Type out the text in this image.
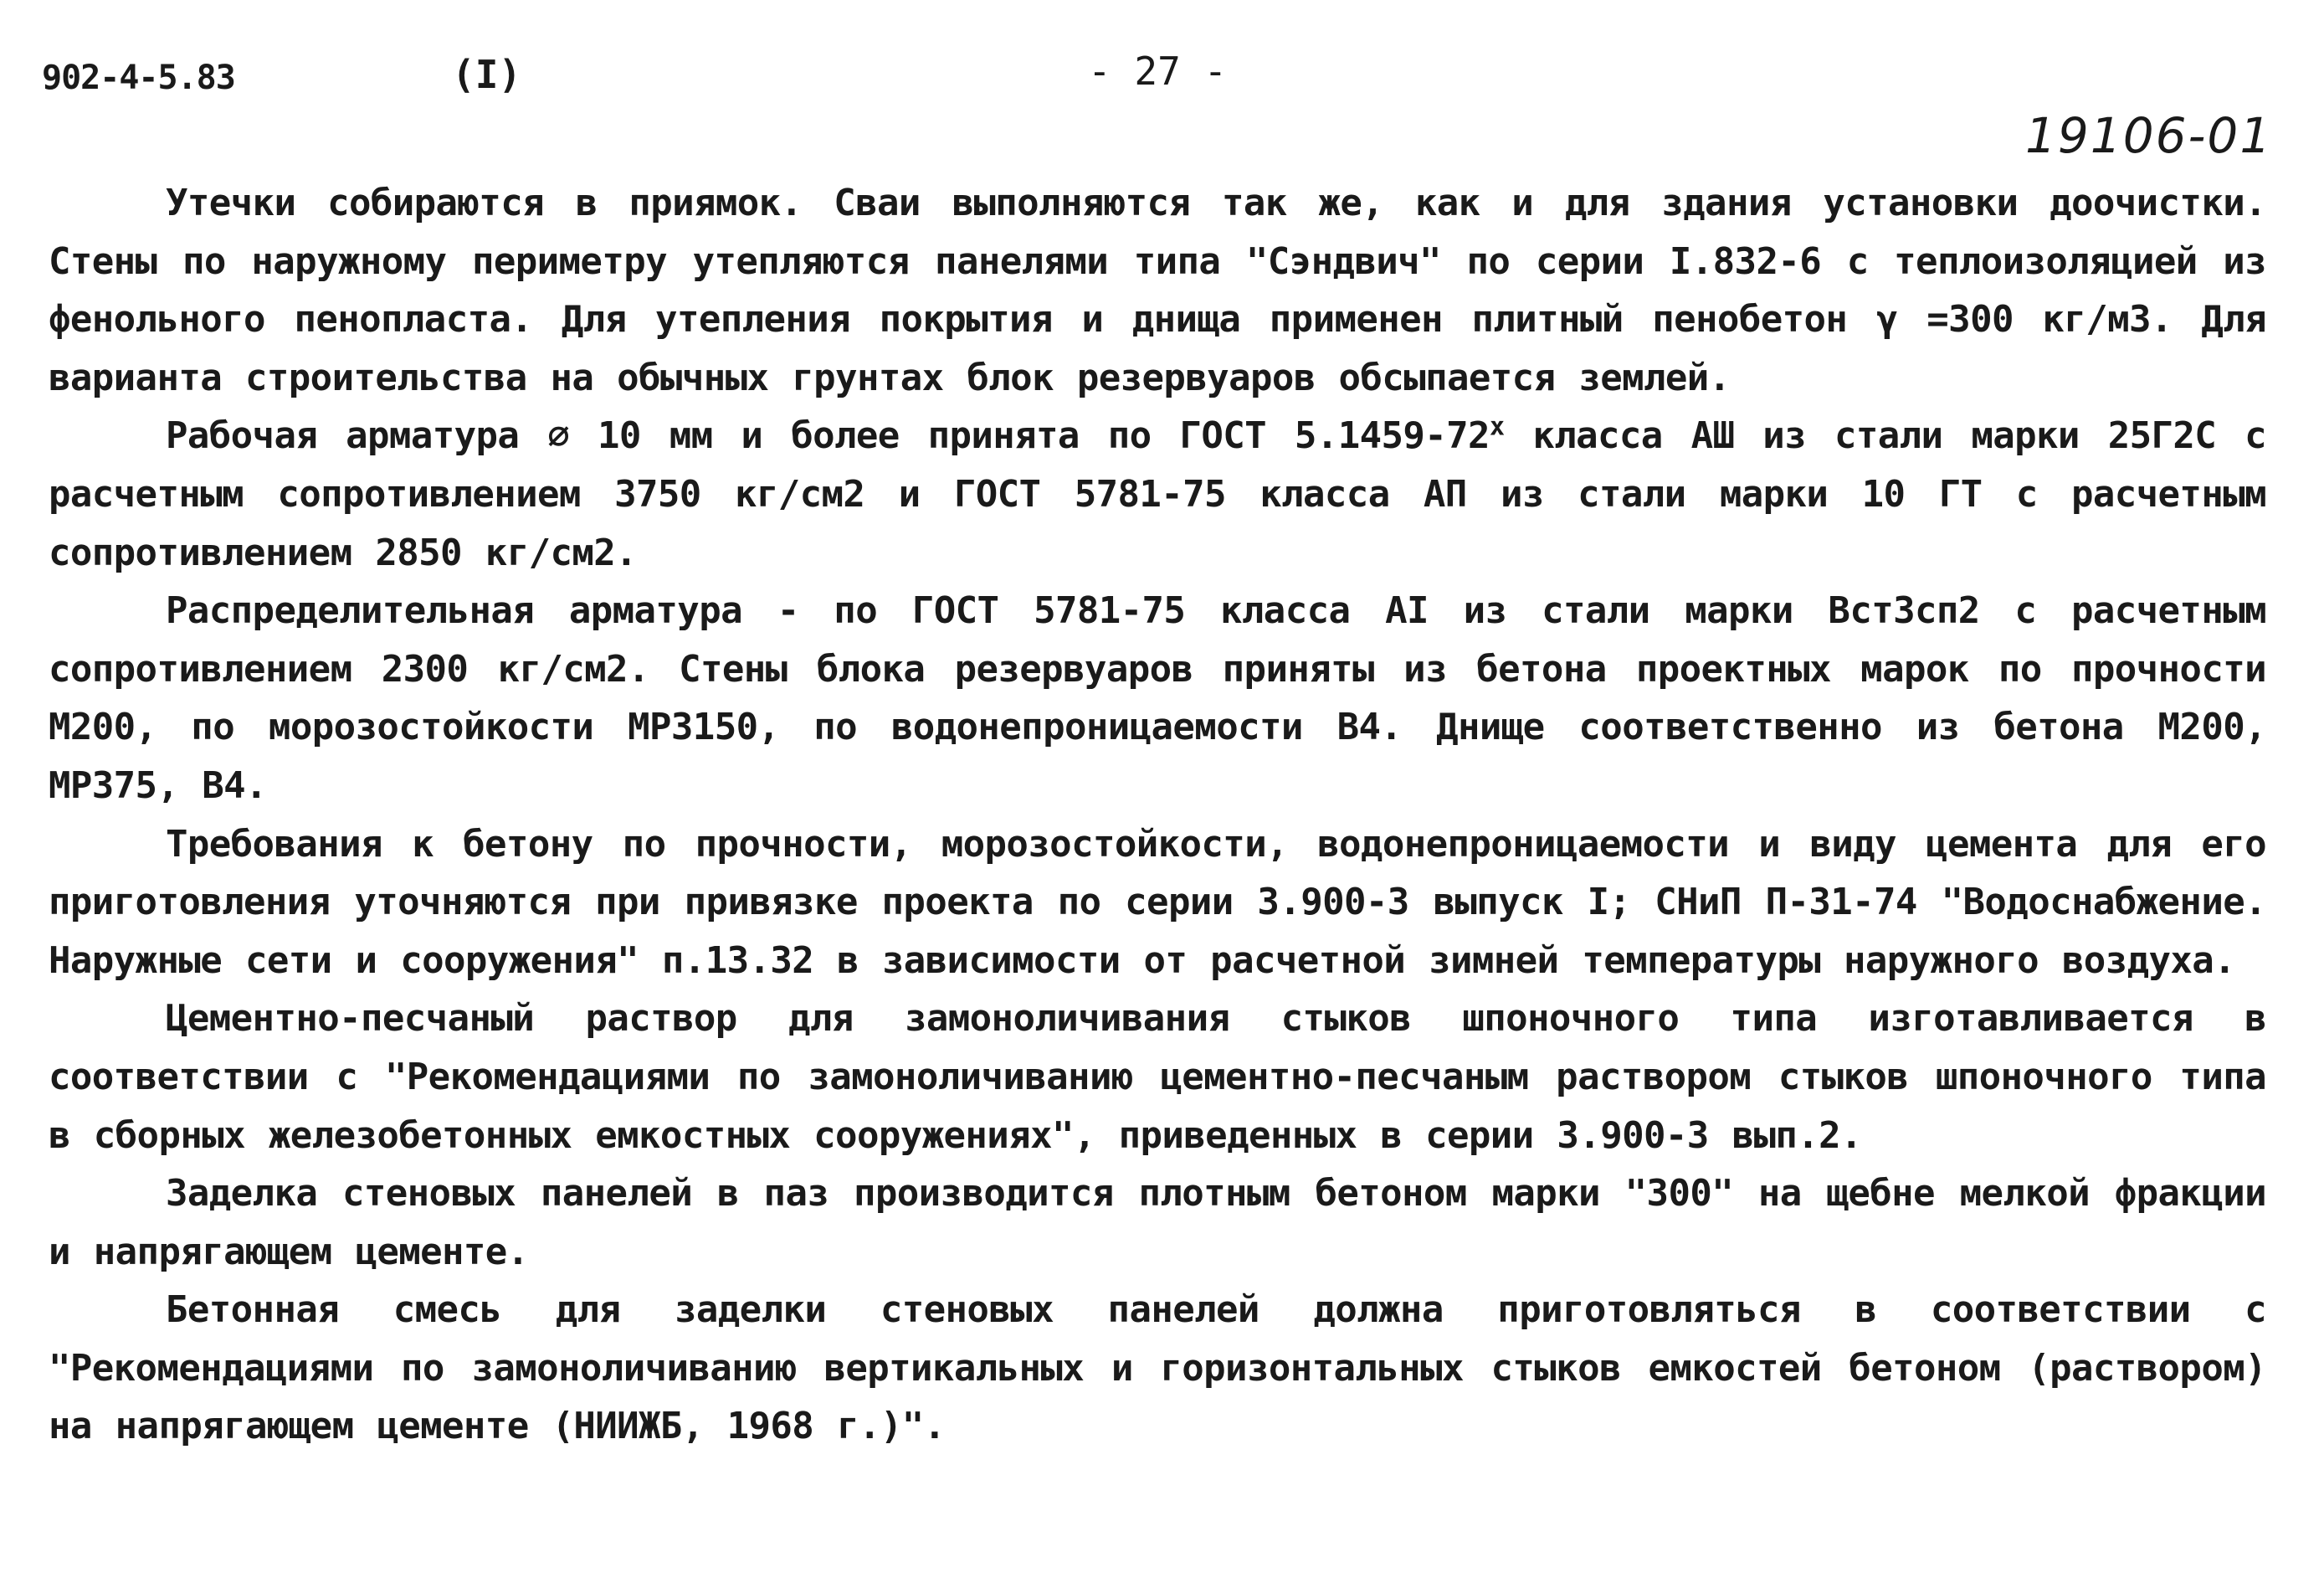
902-4-5.83	(I)	- 27 -
19106-01

Утечки собираются в приямок. Сваи выполняются так же, как и для здания установки доочистки. Стены по наружному периметру утепляются панелями типа "Сэндвич" по серии I.832-6 с теплоизоляцией из фенольного пенопласта. Для утепления покрытия и днища применен плитный пенобетон γ =300 кг/м3. Для варианта строительства на обычных грунтах блок резервуаров обсыпается землей.

Рабочая арматура ∅ 10 мм и более принята по ГОСТ 5.1459-72$^x$ класса АШ из стали марки 25Г2С с расчетным сопротивлением 3750 кг/см2 и ГОСТ 5781-75 класса АП из стали марки 10 ГТ с расчетным сопротивлением 2850 кг/см2.

Распределительная арматура - по ГОСТ 5781-75 класса AI из стали марки ВстЗсп2 с расчетным сопротивлением 2300 кг/см2. Стены блока резервуаров приняты из бетона проектных марок по прочности М200, по морозостойкости МРЗ150, по водонепроницаемости В4. Днище соответственно из бетона М200, МРЗ75, В4.

Требования к бетону по прочности, морозостойкости, водонепроницаемости и виду цемента для его приготовления уточняются при привязке проекта по серии 3.900-3 выпуск I; СНиП П-31-74 "Водоснабжение. Наружные сети и сооружения" п.13.32 в зависимости от расчетной зимней температуры наружного воздуха.

Цементно-песчаный раствор для замоноличивания стыков шпоночного типа изготавливается в соответствии с "Рекомендациями по замоноличиванию цементно-песчаным раствором стыков шпоночного типа в сборных железобетонных емкостных сооружениях", приведенных в серии 3.900-3 вып.2.

Заделка стеновых панелей в паз производится плотным бетоном марки "300" на щебне мелкой фракции и напрягающем цементе.

Бетонная смесь для заделки стеновых панелей должна приготовляться в соответствии с "Рекомендациями по замоноличиванию вертикальных и горизонтальных стыков емкостей бетоном (раствором) на напрягающем цементе (НИИЖБ, 1968 г.)".
